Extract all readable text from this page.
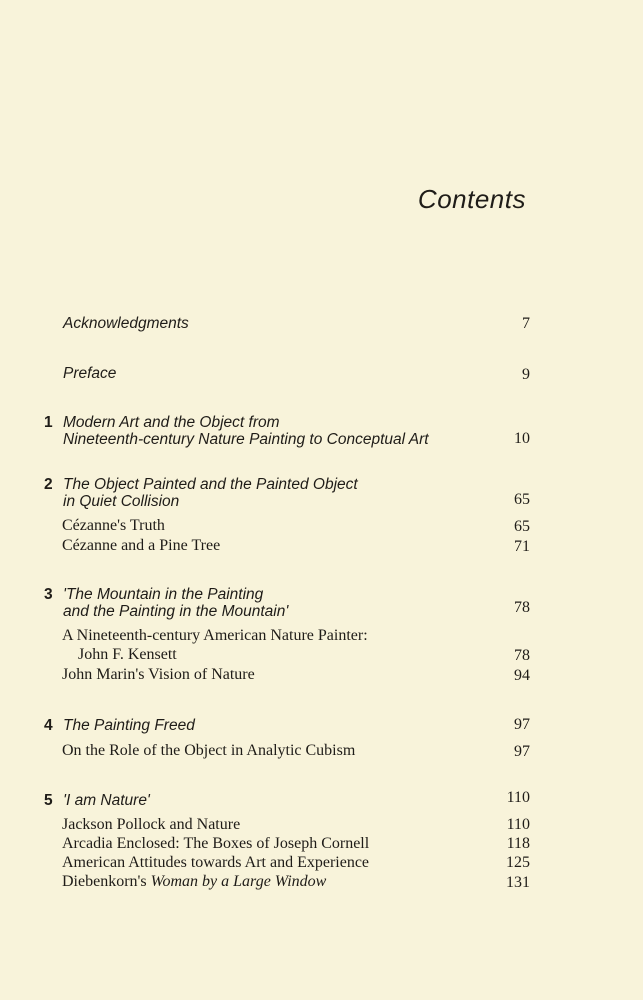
Contents
Acknowledgments	7
Preface	9
1 Modern Art and the Object from
Nineteenth-century Nature Painting to Conceptual Art	10
2 The Object Painted and the Painted Object
in Quiet Collision	65
Cézanne's Truth	65
Cézanne and a Pine Tree	71
3 'The Mountain in the Painting
and the Painting in the Mountain'	78
A Nineteenth-century American Nature Painter:
John F. Kensett	78
John Marin's Vision of Nature	94
4 The Painting Freed	97
On the Role of the Object in Analytic Cubism	97
5 'I am Nature'	110
Jackson Pollock and Nature	110
Arcadia Enclosed: The Boxes of Joseph Cornell	118
American Attitudes towards Art and Experience	125
Diebenkorn's Woman by a Large Window	131
